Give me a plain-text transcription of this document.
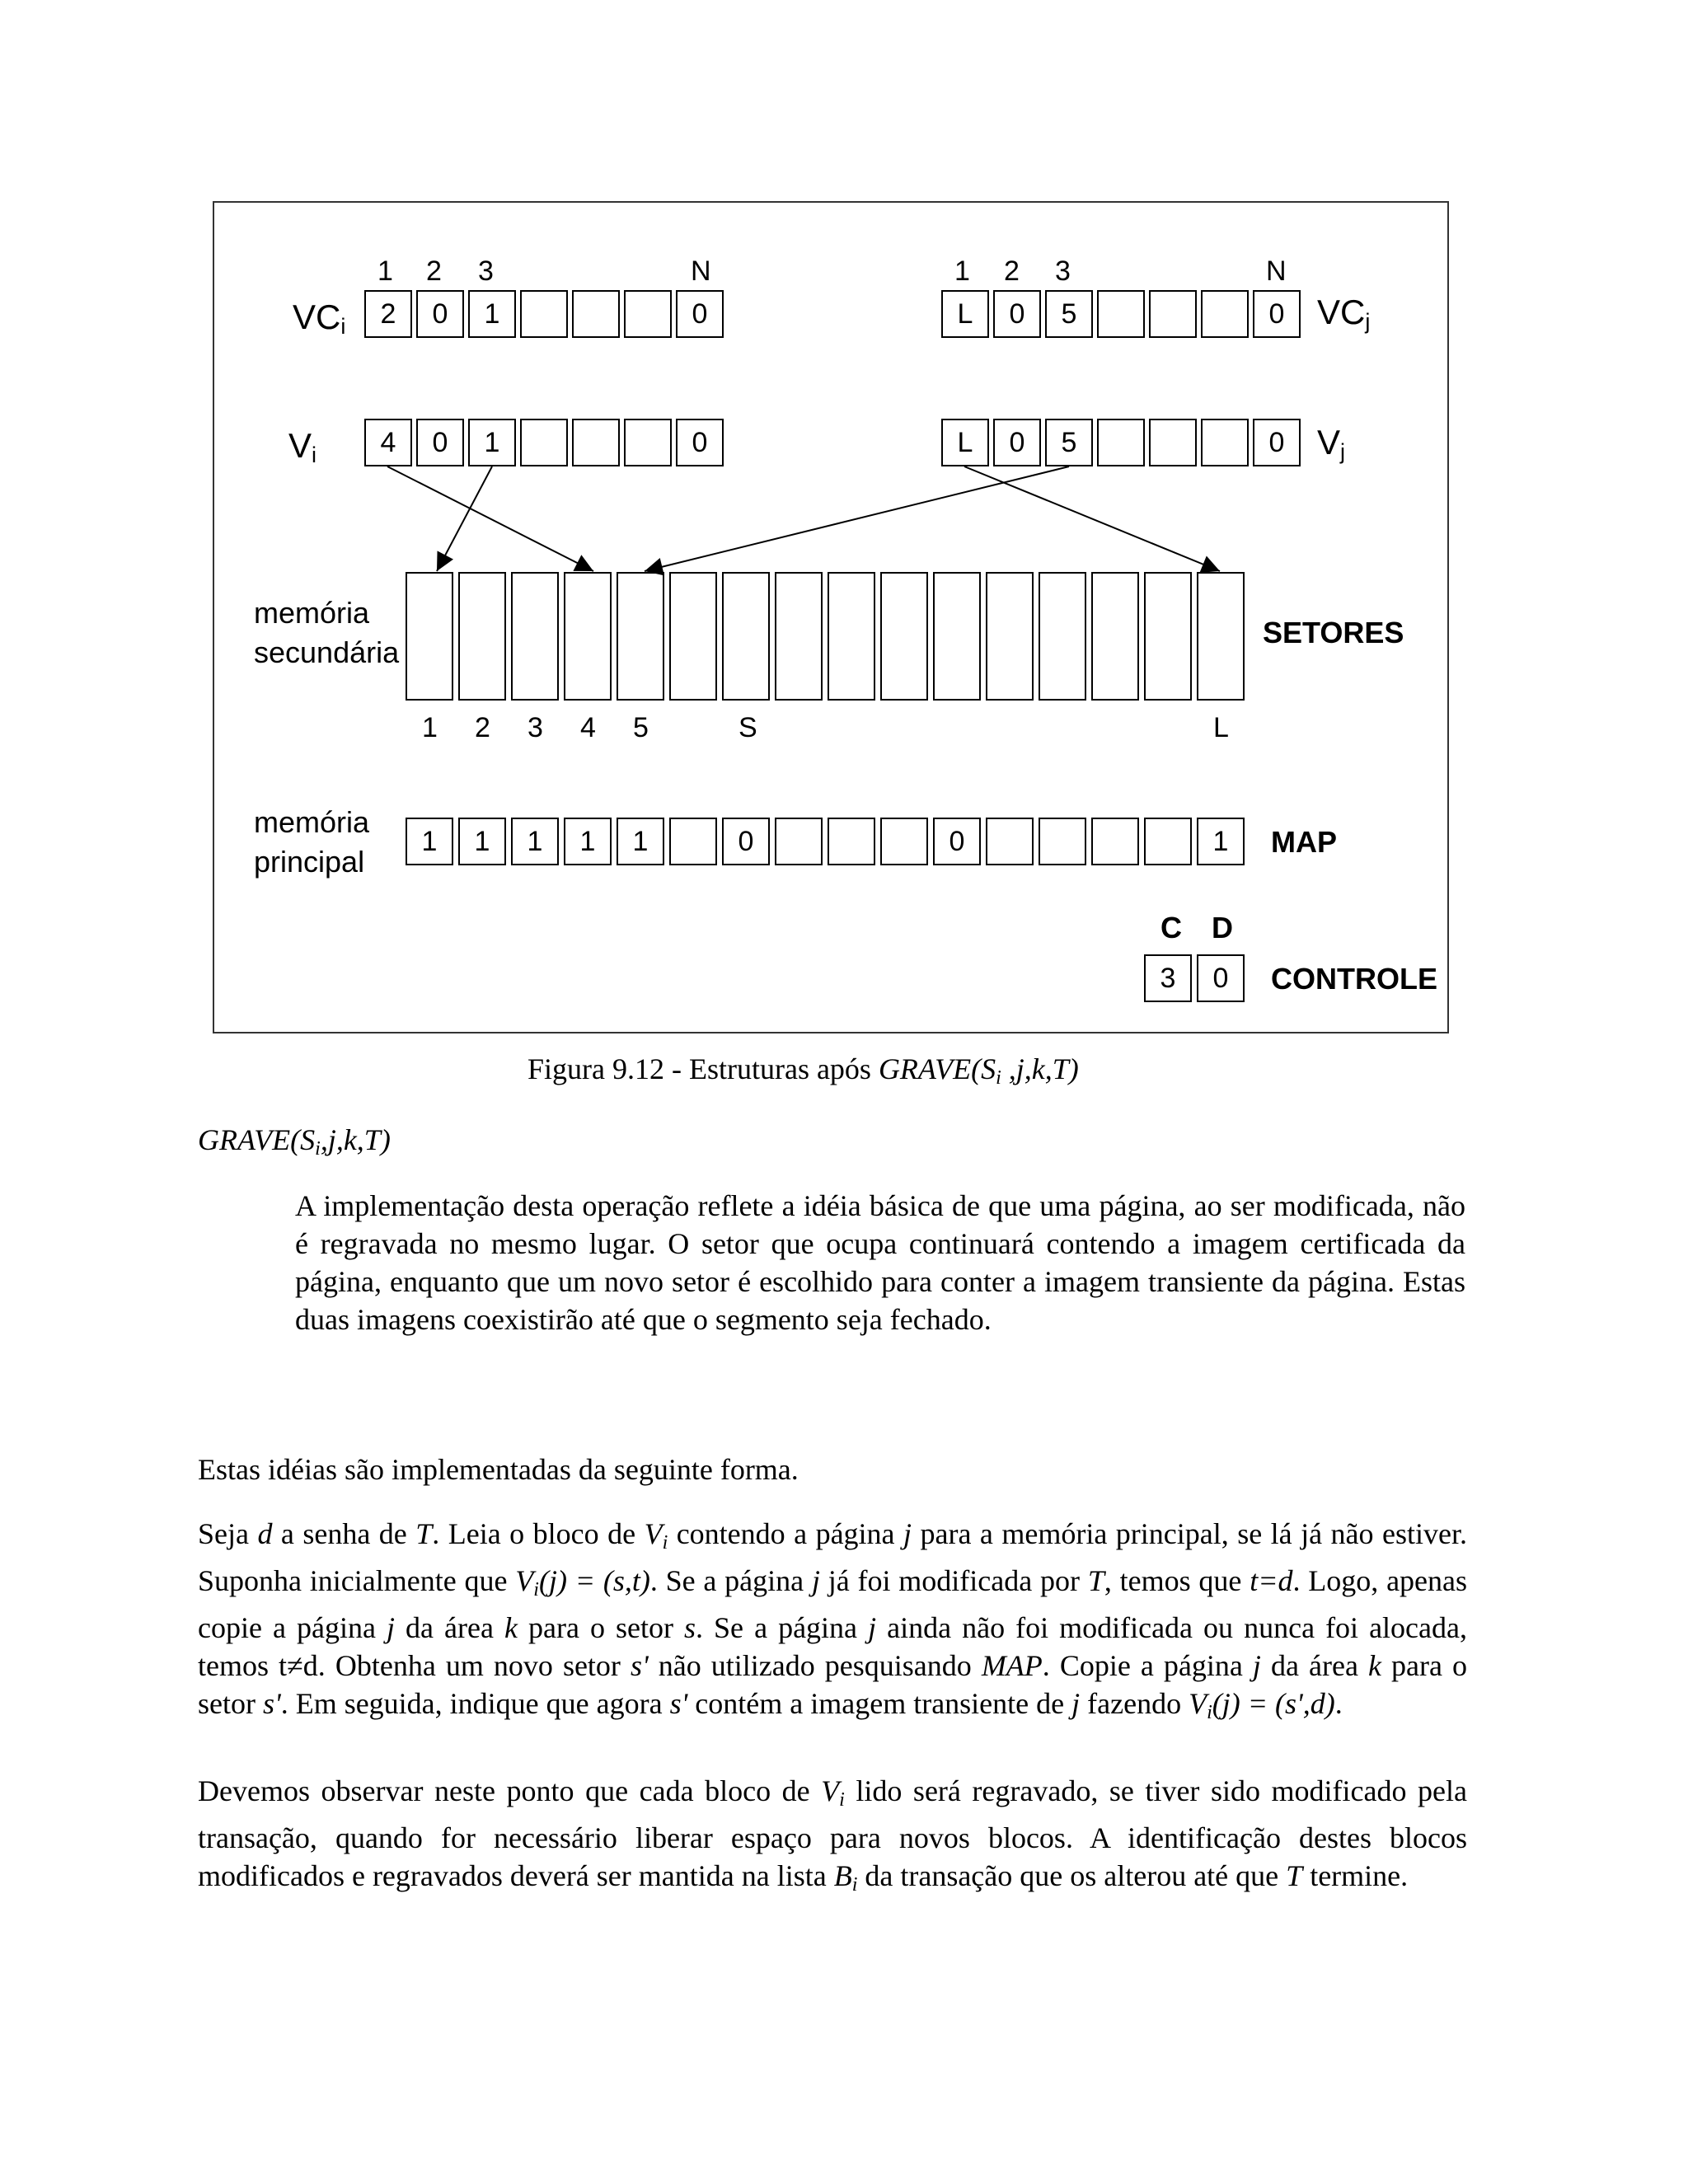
1 2 3	N
$VC_i$	2	0	1	0
1 2 3	N
$VC_j$
L	0	5	0
$V_i$	4	0	1	0	$V_j$
L	0	5	0
memória secundária
SETORES
1 2 3 4 5	S	L
memória principal
1	1	1	1	1	0	0	1	MAP
C D
3	0	CONTROLE
Figura 9.12 - Estruturas após $GRAVE(S_i$ ,j,k,T)
$GRAVE(S_i,j,k,T)$

A implementação desta operação reflete a idéia básica de que uma página, ao ser modificada, não é regravada no mesmo lugar. O setor que ocupa continuará contendo a imagem certificada da página, enquanto que um novo setor é escolhido para conter a imagem transiente da página. Estas duas imagens coexistirão até que o segmento seja fechado.

Estas idéias são implementadas da seguinte forma.

Seja d a senha de T. Leia o bloco de $V_i$ contendo a página j para a memória principal, se lá já não estiver. Suponha inicialmente que $V_i(j) = (s,t)$. Se a página j já foi modificada por T, temos que t=d. Logo, apenas copie a página j da área k para o setor s. Se a página j ainda não foi modificada ou nunca foi alocada, temos t≠d. Obtenha um novo setor s' não utilizado pesquisando MAP. Copie a página j da área k para o setor s'. Em seguida, indique que agora s' contém a imagem transiente de j fazendo $V_i(j) = (s',d)$.

Devemos observar neste ponto que cada bloco de $V_i$ lido será regravado, se tiver sido modificado pela transação, quando for necessário liberar espaço para novos blocos. A identificação destes blocos modificados e regravados deverá ser mantida na lista $B_i$ da transação que os alterou até que T termine.
